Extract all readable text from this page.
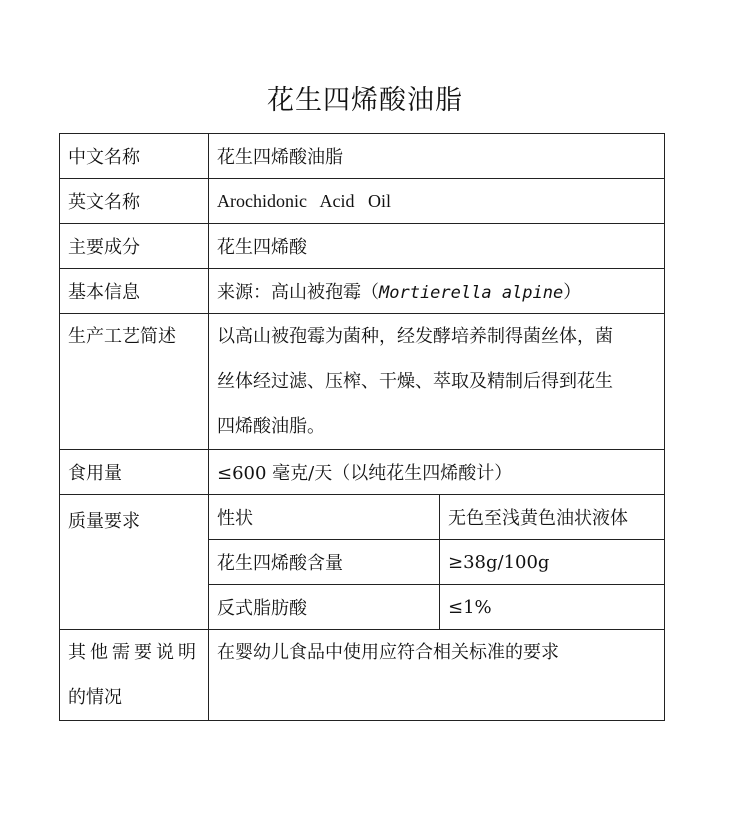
花生四烯酸油脂
中文名称	花生四烯酸油脂	
英文名称	Arochidonic   Acid   Oil	
主要成分	花生四烯酸	
基本信息	来源：高山被孢霉（Mortierella alpine）	
生产工艺简述	以高山被孢霉为菌种，经发酵培养制得菌丝体，菌
丝体经过滤、压榨、干燥、萃取及精制后得到花生
四烯酸油脂。	

食用量	≤600 毫克/天（以纯花生四烯酸计）	
质量要求	性状	无色至浅黄色油状液体
	花生四烯酸含量	≥38g/100g
	反式脂肪酸	≤1%

其他需要说明
的情况	在婴幼儿食品中使用应符合相关标准的要求	
